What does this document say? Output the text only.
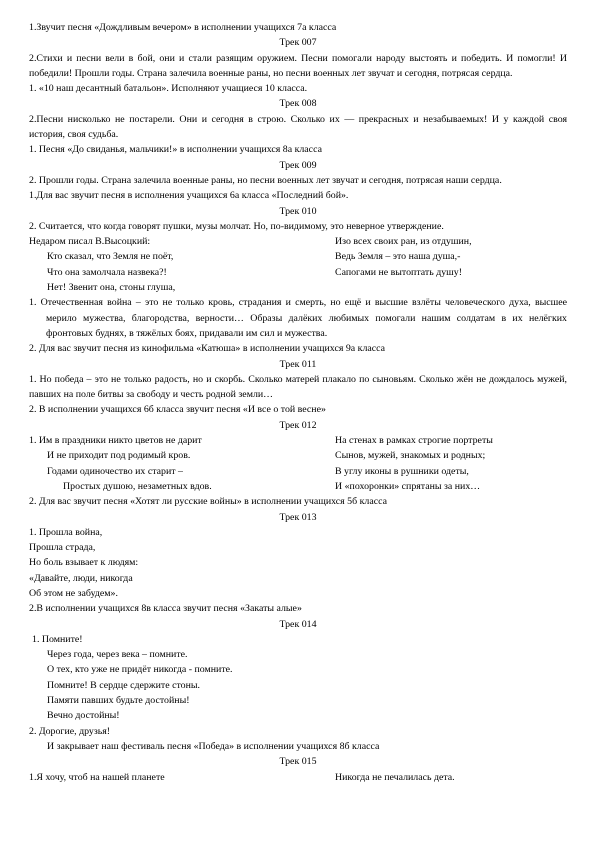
1.Звучит песня «Дождливым вечером» в исполнении учащихся 7а класса

Трек 007

2.Стихи и песни вели в бой, они и стали разящим оружием. Песни помогали народу выстоять и победить. И помогли! И победили! Прошли годы. Страна залечила военные раны, но песни военных лет звучат и сегодня, потрясая сердца.

1. «10 наш десантный батальон». Исполняют учащиеся 10 класса.

Трек 008

2.Песни нисколько не постарели. Они и сегодня в строю. Сколько их — прекрасных и незабываемых! И у каждой своя история, своя судьба.

1. Песня «До свиданья, мальчики!» в исполнении учащихся 8а класса

Трек 009

2. Прошли годы. Страна залечила военные раны, но песни военных лет звучат и сегодня, потрясая наши сердца.

1.Для вас звучит песня в исполнения учащихся 6а класса «Последний бой».

Трек 010

2. Считается, что когда говорят пушки, музы молчат. Но, по-видимому, это неверное утверждение.

Недаром писал В.Высоцкий:

Кто сказал, что Земля не поёт,

Что она замолчала назвека?!

Нет! Звенит она, стоны глуша,

Изо всех своих ран, из отдушин,

Ведь Земля – это наша душа,-

Сапогами не вытоптать душу!

1. Отечественная война – это не только кровь, страдания и смерть, но ещё и высшие взлёты человеческого духа, высшее мерило мужества, благородства, верности… Образы далёких любимых помогали нашим солдатам в их нелёгких фронтовых буднях, в тяжёлых боях, придавали им сил и мужества.

2. Для вас звучит песня из кинофильма «Катюша» в исполнении учащихся 9а класса

Трек 011

1. Но победа – это не только радость, но и скорбь. Сколько матерей плакало по сыновьям. Сколько жён не дождалось мужей, павших на поле битвы за свободу и честь родной земли…

2. В исполнении учащихся 6б класса звучит песня «И все о той весне»

Трек 012

1. Им в праздники никто цветов не дарит

И не приходит под родимый кров.

Годами одиночество их старит –

Простых душою, незаметных вдов.

На стенах в рамках строгие портреты

Сынов, мужей, знакомых и родных;

В углу иконы в рушники одеты,

И «похоронки» спрятаны за них…

2. Для вас звучит песня «Хотят ли русские войны» в исполнении учащихся 5б класса

Трек 013

1. Прошла война,

Прошла страда,

Но боль взывает к людям:

«Давайте, люди, никогда

Об этом не забудем».

2.В исполнении учащихся 8в класса звучит песня «Закаты алые»

Трек 014

1. Помните!

Через года, через века – помните.

О тех, кто уже не придёт никогда - помните.

Помните! В сердце сдержите стоны.

Памяти павших будьте достойны!

Вечно достойны!

2. Дорогие, друзья!

И закрывает наш фестиваль песня «Победа» в исполнении учащихся 8б класса

Трек 015

1.Я хочу, чтоб на нашей планете	Никогда не печалилась дета.
